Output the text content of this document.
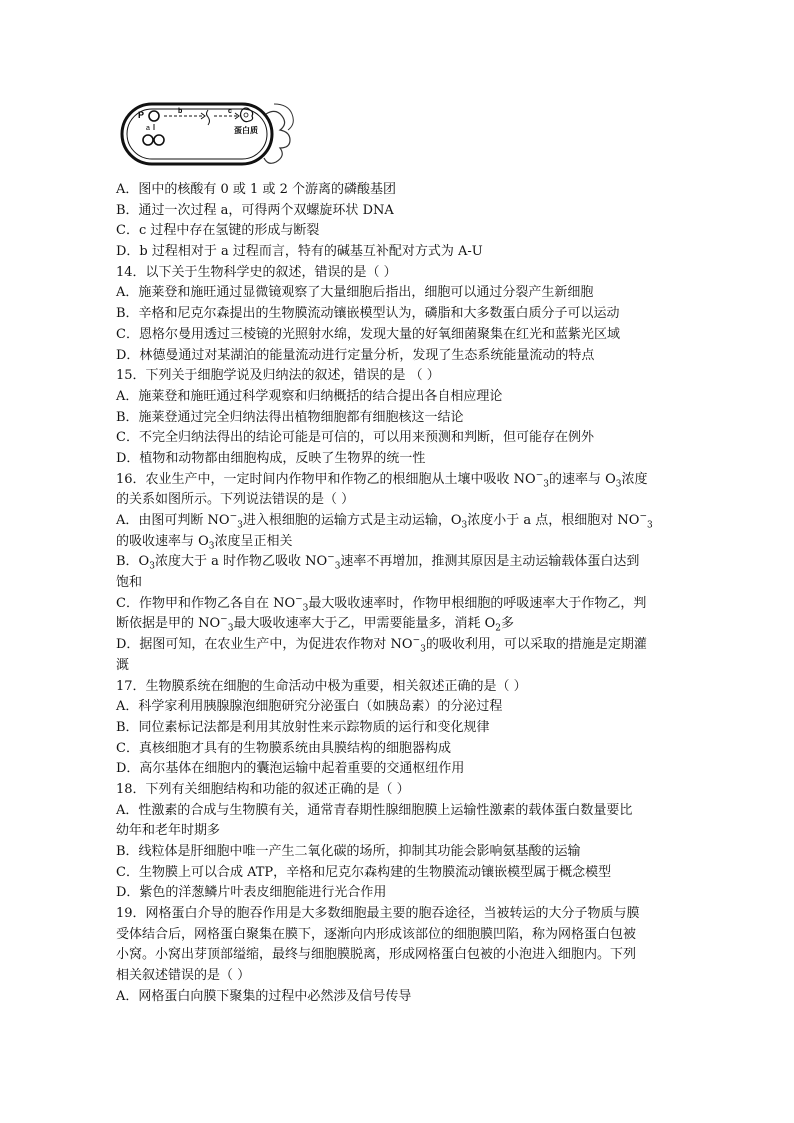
P
a
b	c
蛋白质
A．图中的核酸有 0 或 1 或 2 个游离的磷酸基团
B．通过一次过程 a，可得两个双螺旋环状 DNA
C．c 过程中存在氢键的形成与断裂
D．b 过程相对于 a 过程而言，特有的碱基互补配对方式为 A-U
14．以下关于生物科学史的叙述，错误的是（ ）
A．施莱登和施旺通过显微镜观察了大量细胞后指出，细胞可以通过分裂产生新细胞
B．辛格和尼克尔森提出的生物膜流动镶嵌模型认为，磷脂和大多数蛋白质分子可以运动
C．恩格尔曼用透过三棱镜的光照射水绵，发现大量的好氧细菌聚集在红光和蓝紫光区域
D．林德曼通过对某湖泊的能量流动进行定量分析，发现了生态系统能量流动的特点
15．下列关于细胞学说及归纳法的叙述，错误的是 （ ）
A．施莱登和施旺通过科学观察和归纳概括的结合提出各自相应理论
B．施莱登通过完全归纳法得出植物细胞都有细胞核这一结论
C．不完全归纳法得出的结论可能是可信的，可以用来预测和判断，但可能存在例外
D．植物和动物都由细胞构成，反映了生物界的统一性
16．农业生产中，一定时间内作物甲和作物乙的根细胞从土壤中吸收 $NO^-_3$的速率与 $O_3$浓度
的关系如图所示。下列说法错误的是（ ）
A．由图可判断 $NO^-_3$进入根细胞的运输方式是主动运输，$O_3$浓度小于 a 点，根细胞对 $NO^-_3$
的吸收速率与 $O_3$浓度呈正相关
B．$O_3$浓度大于 a 时作物乙吸收 $NO^-_3$速率不再增加，推测其原因是主动运输载体蛋白达到
饱和
C．作物甲和作物乙各自在 $NO^-_3$最大吸收速率时，作物甲根细胞的呼吸速率大于作物乙，判
断依据是甲的 $NO^-_3$最大吸收速率大于乙，甲需要能量多，消耗 $O_2$多
D．据图可知，在农业生产中，为促进农作物对 $NO^-_3$的吸收利用，可以采取的措施是定期灌
溉
17．生物膜系统在细胞的生命活动中极为重要，相关叙述正确的是（ ）
A．科学家利用胰腺腺泡细胞研究分泌蛋白（如胰岛素）的分泌过程
B．同位素标记法都是利用其放射性来示踪物质的运行和变化规律
C．真核细胞才具有的生物膜系统由具膜结构的细胞器构成
D．高尔基体在细胞内的囊泡运输中起着重要的交通枢纽作用
18．下列有关细胞结构和功能的叙述正确的是（ ）
A．性激素的合成与生物膜有关，通常青春期性腺细胞膜上运输性激素的载体蛋白数量要比
幼年和老年时期多
B．线粒体是肝细胞中唯一产生二氧化碳的场所，抑制其功能会影响氨基酸的运输
C．生物膜上可以合成 ATP，辛格和尼克尔森构建的生物膜流动镶嵌模型属于概念模型
D．紫色的洋葱鳞片叶表皮细胞能进行光合作用
19．网格蛋白介导的胞吞作用是大多数细胞最主要的胞吞途径，当被转运的大分子物质与膜
受体结合后，网格蛋白聚集在膜下，逐渐向内形成该部位的细胞膜凹陷，称为网格蛋白包被
小窝。小窝出芽顶部缢缩，最终与细胞膜脱离，形成网格蛋白包被的小泡进入细胞内。下列
相关叙述错误的是（ ）
A．网格蛋白向膜下聚集的过程中必然涉及信号传导
